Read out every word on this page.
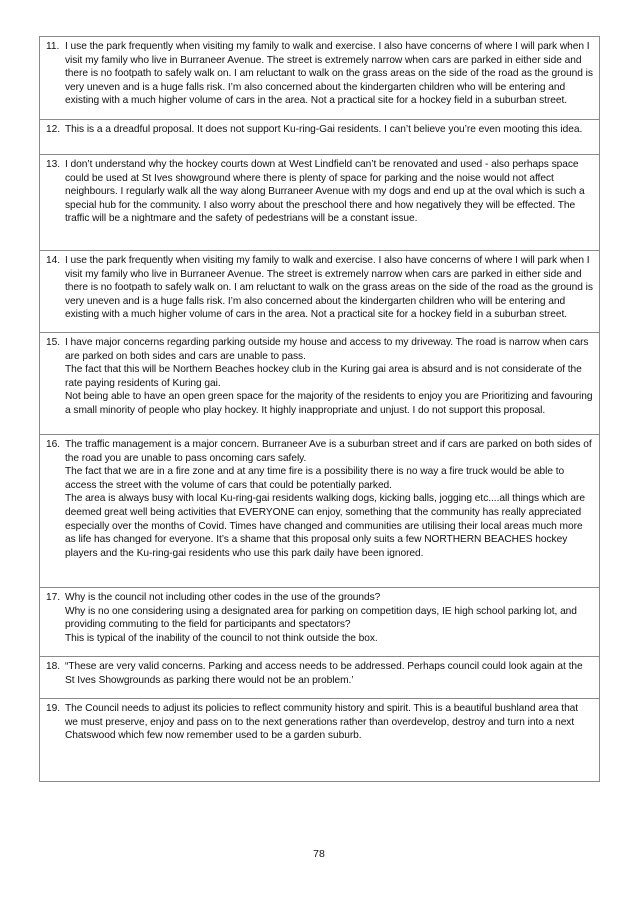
11. I use the park frequently when visiting my family to walk and exercise. I also have concerns of where I will park when I visit my family who live in Burraneer Avenue. The street is extremely narrow when cars are parked in either side and there is no footpath to safely walk on. I am reluctant to walk on the grass areas on the side of the road as the ground is very uneven and is a huge falls risk. I’m also concerned about the kindergarten children who will be entering and existing with a much higher volume of cars in the area. Not a practical site for a hockey field in a suburban street.

12. This is a a dreadful proposal. It does not support Ku-ring-Gai residents. I can’t believe you’re even mooting this idea.

13. I don’t understand why the hockey courts down at West Lindfield can’t be renovated and used - also perhaps space could be used at St Ives showground where there is plenty of space for parking and the noise would not affect neighbours. I regularly walk all the way along Burraneer Avenue with my dogs and end up at the oval which is such a special hub for the community. I also worry about the preschool there and how negatively they will be effected. The traffic will be a nightmare and the safety of pedestrians will be a constant issue.

14. I use the park frequently when visiting my family to walk and exercise. I also have concerns of where I will park when I visit my family who live in Burraneer Avenue. The street is extremely narrow when cars are parked in either side and there is no footpath to safely walk on. I am reluctant to walk on the grass areas on the side of the road as the ground is very uneven and is a huge falls risk. I’m also concerned about the kindergarten children who will be entering and existing with a much higher volume of cars in the area. Not a practical site for a hockey field in a suburban street.

15. I have major concerns regarding parking outside my house and access to my driveway. The road is narrow when cars are parked on both sides and cars are unable to pass.

The fact that this will be Northern Beaches hockey club in the Kuring gai area is absurd and is not considerate of the rate paying residents of Kuring gai.

Not being able to have an open green space for the majority of the residents to enjoy you are Prioritizing and favouring a small minority of people who play hockey. It highly inappropriate and unjust. I do not support this proposal.

16. The traffic management is a major concern. Burraneer Ave is a suburban street and if cars are parked on both sides of the road you are unable to pass oncoming cars safely.

The fact that we are in a fire zone and at any time fire is a possibility there is no way a fire truck would be able to access the street with the volume of cars that could be potentially parked.

The area is always busy with local Ku-ring-gai residents walking dogs, kicking balls, jogging etc....all things which are deemed great well being activities that EVERYONE can enjoy, something that the community has really appreciated especially over the months of Covid. Times have changed and communities are utilising their local areas much more as life has changed for everyone. It’s a shame that this proposal only suits a few NORTHERN BEACHES hockey players and the Ku-ring-gai residents who use this park daily have been ignored.

17. Why is the council not including other codes in the use of the grounds?

Why is no one considering using a designated area for parking on competition days, IE high school parking lot, and providing commuting to the field for participants and spectators?

This is typical of the inability of the council to not think outside the box.

18. “These are very valid concerns. Parking and access needs to be addressed. Perhaps council could look again at the St Ives Showgrounds as parking there would not be an problem.’

19. The Council needs to adjust its policies to reflect community history and spirit. This is a beautiful bushland area that we must preserve, enjoy and pass on to the next generations rather than overdevelop, destroy and turn into a next Chatswood which few now remember used to be a garden suburb.

78
